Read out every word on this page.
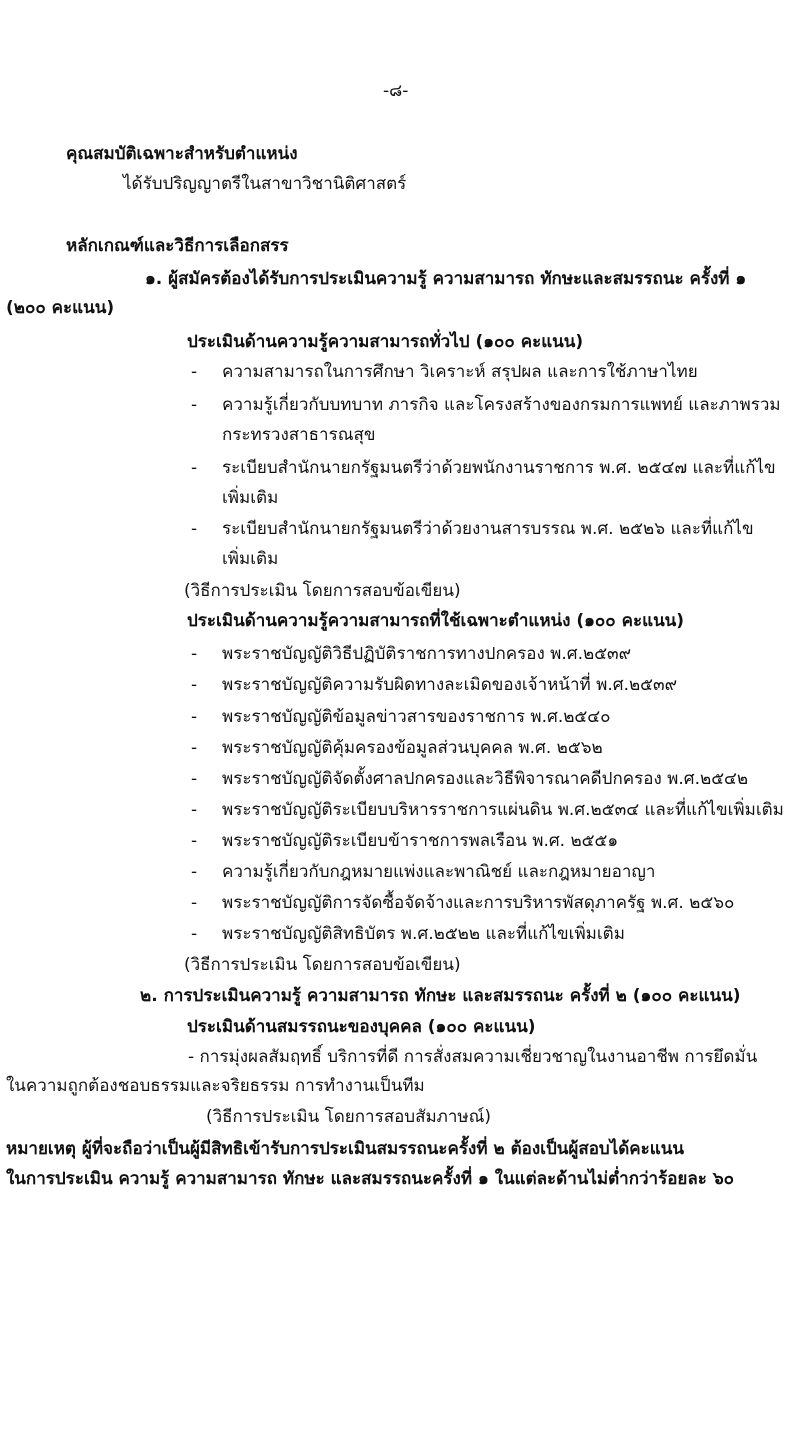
-๘-
คุณสมบัติเฉพาะสำหรับตำแหน่ง
ได้รับปริญญาตรีในสาขาวิชานิติศาสตร์
หลักเกณฑ์และวิธีการเลือกสรร
๑. ผู้สมัครต้องได้รับการประเมินความรู้ ความสามารถ ทักษะและสมรรถนะ ครั้งที่ ๑
(๒๐๐ คะแนน)
ประเมินด้านความรู้ความสามารถทั่วไป (๑๐๐ คะแนน)
- ความสามารถในการศึกษา วิเคราะห์ สรุปผล และการใช้ภาษาไทย
- ความรู้เกี่ยวกับบทบาท ภารกิจ และโครงสร้างของกรมการแพทย์ และภาพรวม
กระทรวงสาธารณสุข
- ระเบียบสำนักนายกรัฐมนตรีว่าด้วยพนักงานราชการ พ.ศ. ๒๕๔๗ และที่แก้ไข
เพิ่มเติม
- ระเบียบสำนักนายกรัฐมนตรีว่าด้วยงานสารบรรณ พ.ศ. ๒๕๒๖ และที่แก้ไข
เพิ่มเติม
(วิธีการประเมิน โดยการสอบข้อเขียน)
ประเมินด้านความรู้ความสามารถที่ใช้เฉพาะตำแหน่ง (๑๐๐ คะแนน)
- พระราชบัญญัติวิธีปฏิบัติราชการทางปกครอง พ.ศ.๒๕๓๙
- พระราชบัญญัติความรับผิดทางละเมิดของเจ้าหน้าที่ พ.ศ.๒๕๓๙
- พระราชบัญญัติข้อมูลข่าวสารของราชการ พ.ศ.๒๕๔๐
- พระราชบัญญัติคุ้มครองข้อมูลส่วนบุคคล พ.ศ. ๒๕๖๒
- พระราชบัญญัติจัดตั้งศาลปกครองและวิธีพิจารณาคดีปกครอง พ.ศ.๒๕๔๒
- พระราชบัญญัติระเบียบบริหารราชการแผ่นดิน พ.ศ.๒๕๓๔ และที่แก้ไขเพิ่มเติม
- พระราชบัญญัติระเบียบข้าราชการพลเรือน พ.ศ. ๒๕๕๑
- ความรู้เกี่ยวกับกฎหมายแพ่งและพาณิชย์ และกฎหมายอาญา
- พระราชบัญญัติการจัดซื้อจัดจ้างและการบริหารพัสดุภาครัฐ พ.ศ. ๒๕๖๐
- พระราชบัญญัติสิทธิบัตร พ.ศ.๒๕๒๒ และที่แก้ไขเพิ่มเติม
(วิธีการประเมิน โดยการสอบข้อเขียน)
๒. การประเมินความรู้ ความสามารถ ทักษะ และสมรรถนะ ครั้งที่ ๒ (๑๐๐ คะแนน)
ประเมินด้านสมรรถนะของบุคคล (๑๐๐ คะแนน)
- การมุ่งผลสัมฤทธิ์ บริการที่ดี การสั่งสมความเชี่ยวชาญในงานอาชีพ การยึดมั่น
ในความถูกต้องชอบธรรมและจริยธรรม การทำงานเป็นทีม
(วิธีการประเมิน โดยการสอบสัมภาษณ์)
หมายเหตุ ผู้ที่จะถือว่าเป็นผู้มีสิทธิเข้ารับการประเมินสมรรถนะครั้งที่ ๒ ต้องเป็นผู้สอบได้คะแนน
ในการประเมิน ความรู้ ความสามารถ ทักษะ และสมรรถนะครั้งที่ ๑ ในแต่ละด้านไม่ต่ำกว่าร้อยละ ๖๐
